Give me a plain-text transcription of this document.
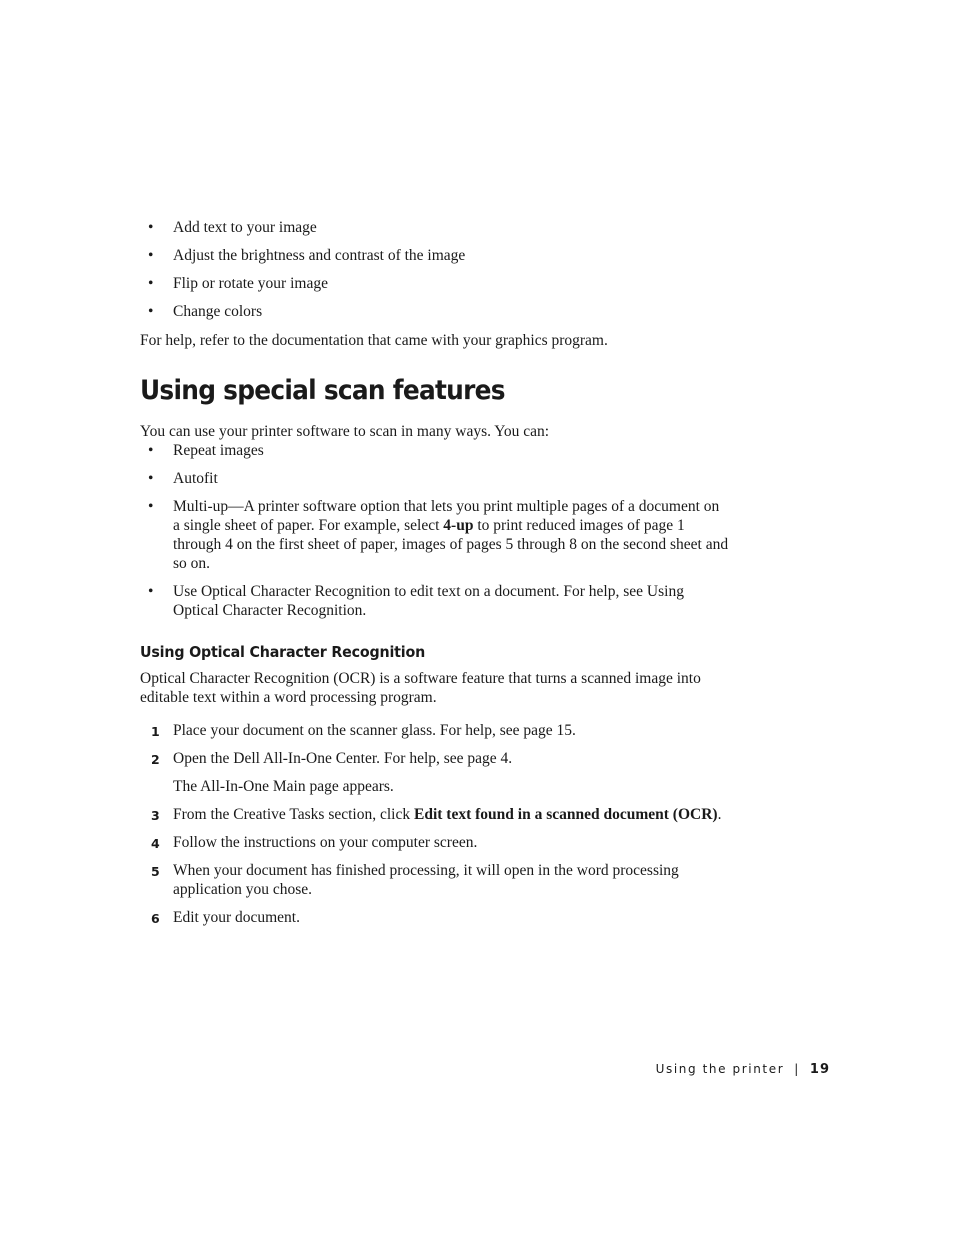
• Add text to your image
• Adjust the brightness and contrast of the image
• Flip or rotate your image
• Change colors

For help, refer to the documentation that came with your graphics program.

Using special scan features

You can use your printer software to scan in many ways. You can:

• Repeat images
• Autofit
• Multi-up—A printer software option that lets you print multiple pages of a document on a single sheet of paper. For example, select 4-up to print reduced images of page 1 through 4 on the first sheet of paper, images of pages 5 through 8 on the second sheet and so on.
• Use Optical Character Recognition to edit text on a document. For help, see Using Optical Character Recognition.
Using Optical Character Recognition

Optical Character Recognition (OCR) is a software feature that turns a scanned image into editable text within a word processing program.

1 Place your document on the scanner glass. For help, see page 15.
2 Open the Dell All-In-One Center. For help, see page 4.

The All-In-One Main page appears.

3 From the Creative Tasks section, click Edit text found in a scanned document (OCR).
4 Follow the instructions on your computer screen.
5 When your document has finished processing, it will open in the word processing application you chose.
6 Edit your document.
Using the printer | 19
